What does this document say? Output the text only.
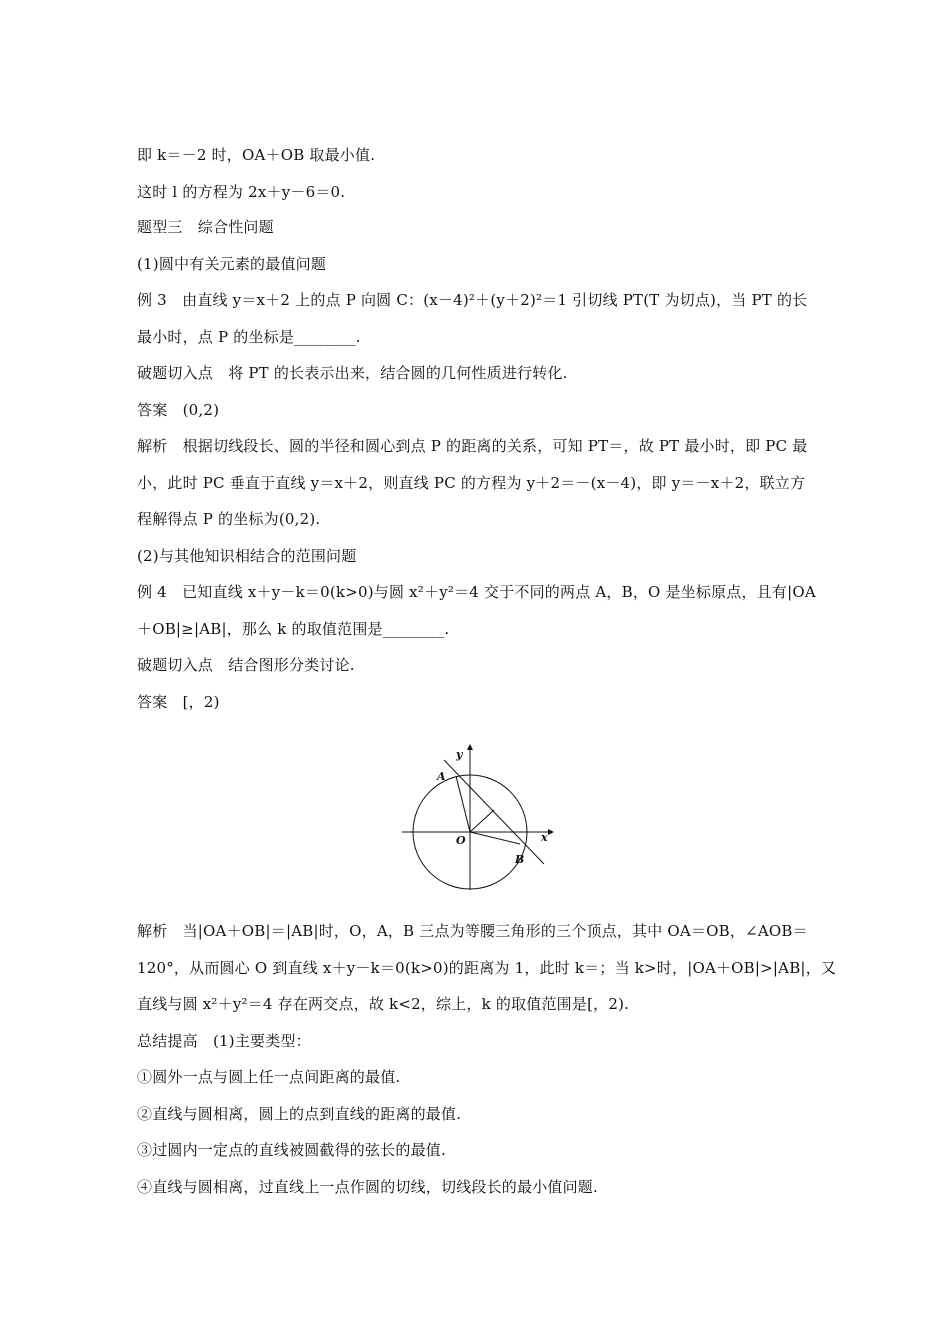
即 k＝－2 时，OA＋OB 取最小值.
这时 l 的方程为 2x＋y－6＝0.
题型三　综合性问题
(1)圆中有关元素的最值问题
例 3　由直线 y＝x＋2 上的点 P 向圆 C：(x－4)²＋(y＋2)²＝1 引切线 PT(T 为切点)，当 PT 的长
最小时，点 P 的坐标是________.
破题切入点　将 PT 的长表示出来，结合圆的几何性质进行转化.
答案　(0,2)
解析　根据切线段长、圆的半径和圆心到点 P 的距离的关系，可知 PT＝，故 PT 最小时，即 PC 最
小，此时 PC 垂直于直线 y＝x＋2，则直线 PC 的方程为 y＋2＝－(x－4)，即 y＝－x＋2，联立方
程解得点 P 的坐标为(0,2).
(2)与其他知识相结合的范围问题
例 4　已知直线 x＋y－k＝0(k>0)与圆 x²＋y²＝4 交于不同的两点 A，B，O 是坐标原点，且有|OA
＋OB|≥|AB|，那么 k 的取值范围是________.
破题切入点　结合图形分类讨论.
答案　[，2)
y
x
O
A
B
解析　当|OA＋OB|＝|AB|时，O，A，B 三点为等腰三角形的三个顶点，其中 OA＝OB，∠AOB＝
120°，从而圆心 O 到直线 x＋y－k＝0(k>0)的距离为 1，此时 k＝；当 k>时，|OA＋OB|>|AB|，又
直线与圆 x²＋y²＝4 存在两交点，故 k<2，综上，k 的取值范围是[，2).
总结提高　(1)主要类型：
①圆外一点与圆上任一点间距离的最值.
②直线与圆相离，圆上的点到直线的距离的最值.
③过圆内一定点的直线被圆截得的弦长的最值.
④直线与圆相离，过直线上一点作圆的切线，切线段长的最小值问题.
